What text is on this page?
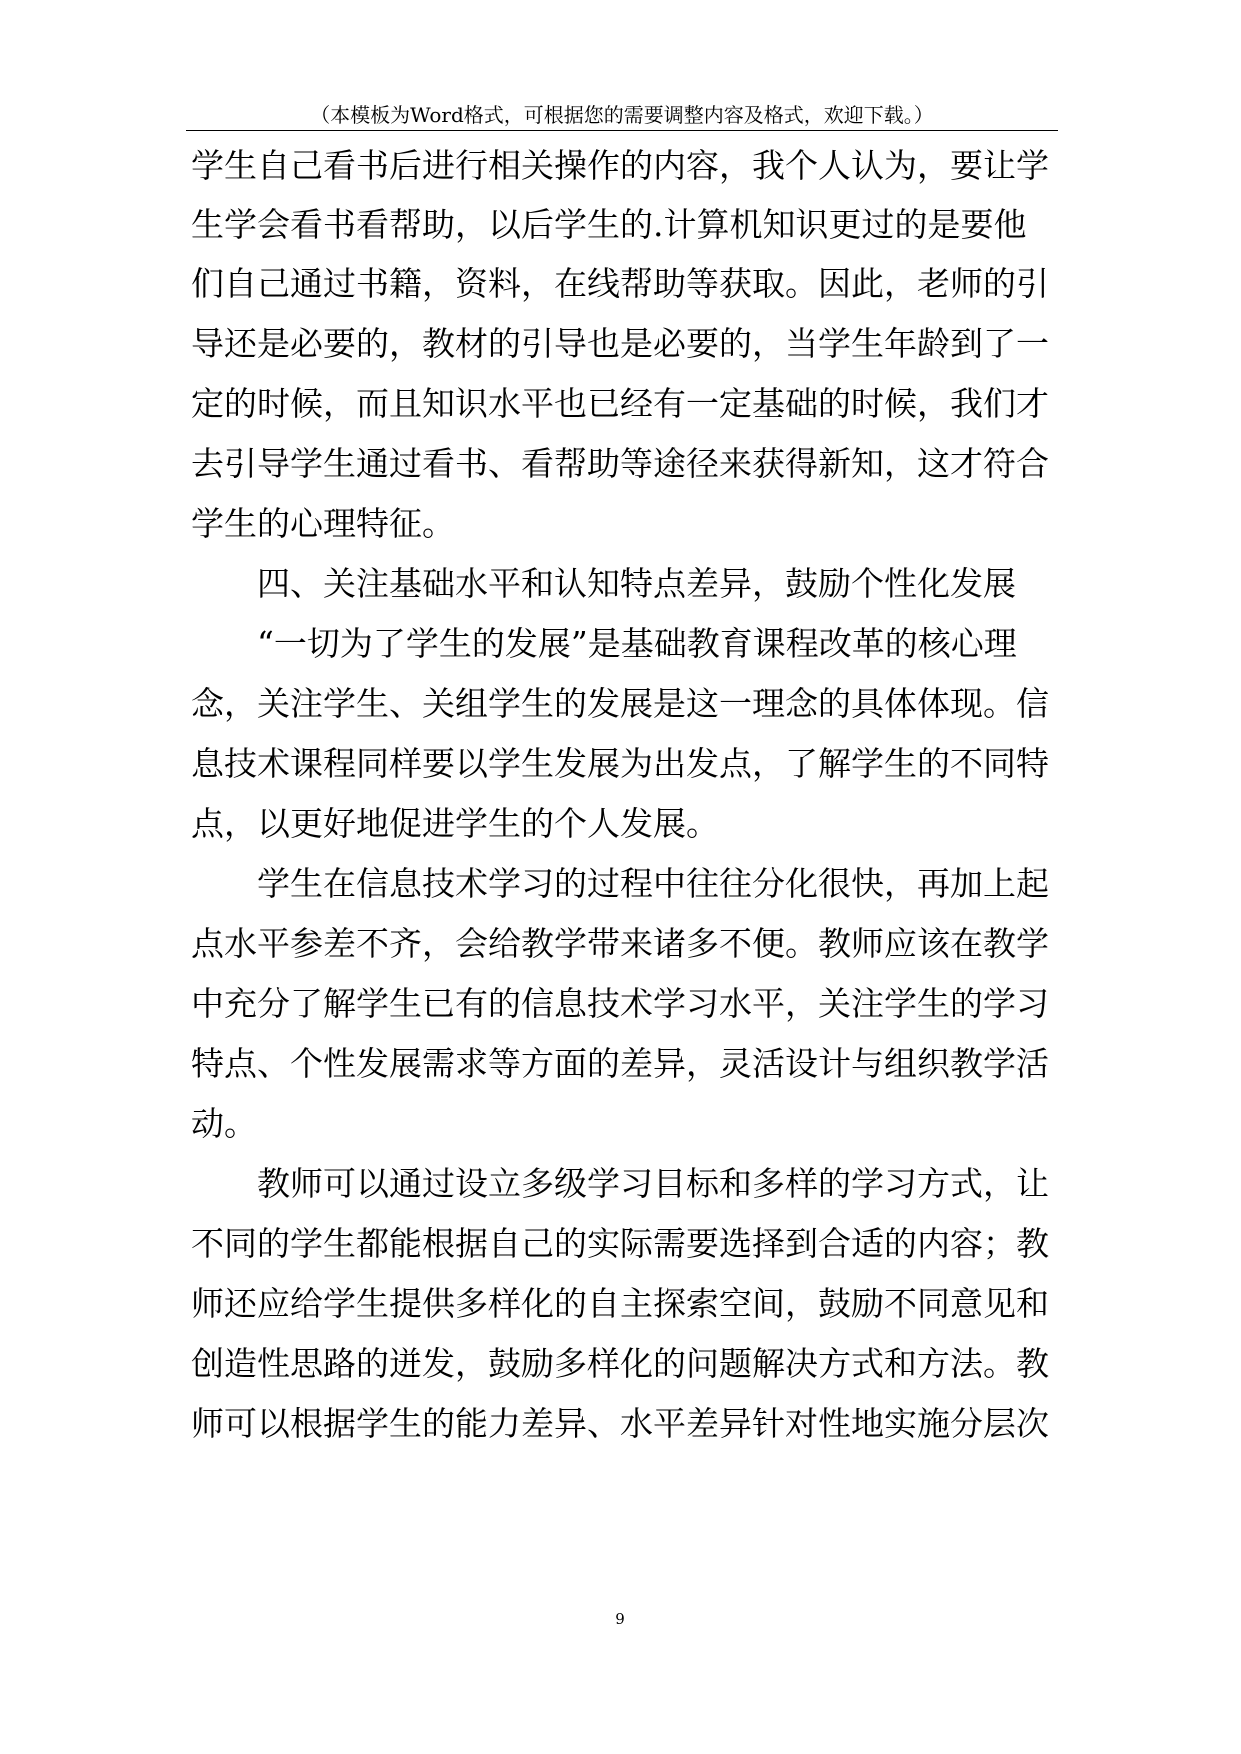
（本模板为Word格式，可根据您的需要调整内容及格式，欢迎下载。）
学生自己看书后进行相关操作的内容，我个人认为，要让学
生学会看书看帮助，以后学生的.计算机知识更过的是要他
们自己通过书籍，资料，在线帮助等获取。因此，老师的引
导还是必要的，教材的引导也是必要的，当学生年龄到了一
定的时候，而且知识水平也已经有一定基础的时候，我们才
去引导学生通过看书、看帮助等途径来获得新知，这才符合
学生的心理特征。
四、关注基础水平和认知特点差异，鼓励个性化发展
“一切为了学生的发展”是基础教育课程改革的核心理
念，关注学生、关组学生的发展是这一理念的具体体现。信
息技术课程同样要以学生发展为出发点，了解学生的不同特
点，以更好地促进学生的个人发展。
学生在信息技术学习的过程中往往分化很快，再加上起
点水平参差不齐，会给教学带来诸多不便。教师应该在教学
中充分了解学生已有的信息技术学习水平，关注学生的学习
特点、个性发展需求等方面的差异，灵活设计与组织教学活
动。
教师可以通过设立多级学习目标和多样的学习方式，让
不同的学生都能根据自己的实际需要选择到合适的内容；教
师还应给学生提供多样化的自主探索空间，鼓励不同意见和
创造性思路的迸发，鼓励多样化的问题解决方式和方法。教
师可以根据学生的能力差异、水平差异针对性地实施分层次
9
